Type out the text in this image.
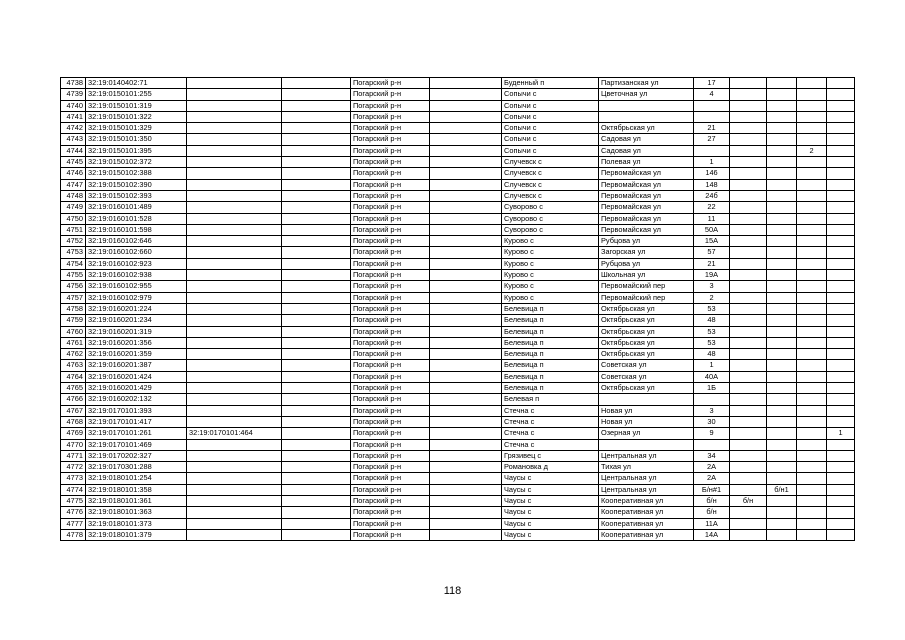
4738	32:19:0140402:71			Погарский р-н		Буденный п	Партизанская ул	17				
4739	32:19:0150101:255			Погарский р-н		Сопычи с	Цветочная ул	4				
4740	32:19:0150101:319			Погарский р-н		Сопычи с						
4741	32:19:0150101:322			Погарский р-н		Сопычи с						
4742	32:19:0150101:329			Погарский р-н		Сопычи с	Октябрьская ул	21				
4743	32:19:0150101:350			Погарский р-н		Сопычи с	Садовая ул	27				
4744	32:19:0150101:395			Погарский р-н		Сопычи с	Садовая ул				2	
4745	32:19:0150102:372			Погарский р-н		Случевск с	Полевая ул	1				
4746	32:19:0150102:388			Погарский р-н		Случевск с	Первомайская ул	146				
4747	32:19:0150102:390			Погарский р-н		Случевск с	Первомайская ул	148				
4748	32:19:0150102:393			Погарский р-н		Случевск с	Первомайская ул	24б				
4749	32:19:0160101:489			Погарский р-н		Суворово с	Первомайская ул	22				
4750	32:19:0160101:528			Погарский р-н		Суворово с	Первомайская ул	11				
4751	32:19:0160101:598			Погарский р-н		Суворово с	Первомайская ул	50А				
4752	32:19:0160102:646			Погарский р-н		Курово с	Рубцова ул	15А				
4753	32:19:0160102:660			Погарский р-н		Курово с	Загорская ул	57				
4754	32:19:0160102:923			Погарский р-н		Курово с	Рубцова ул	21				
4755	32:19:0160102:938			Погарский р-н		Курово с	Школьная ул	19А				
4756	32:19:0160102:955			Погарский р-н		Курово с	Первомайский пер	3				
4757	32:19:0160102:979			Погарский р-н		Курово с	Первомайский пер	2				
4758	32:19:0160201:224			Погарский р-н		Белевица п	Октябрьская ул	53				
4759	32:19:0160201:234			Погарский р-н		Белевица п	Октябрьская ул	48				
4760	32:19:0160201:319			Погарский р-н		Белевица п	Октябрьская ул	53				
4761	32:19:0160201:356			Погарский р-н		Белевица п	Октябрьская ул	53				
4762	32:19:0160201:359			Погарский р-н		Белевица п	Октябрьская ул	48				
4763	32:19:0160201:387			Погарский р-н		Белевица п	Советская ул	1				
4764	32:19:0160201:424			Погарский р-н		Белевица п	Советская ул	40А				
4765	32:19:0160201:429			Погарский р-н		Белевица п	Октябрьская ул	1Б				
4766	32:19:0160202:132			Погарский р-н		Белевая п						
4767	32:19:0170101:393			Погарский р-н		Стечна с	Новая ул	3				
4768	32:19:0170101:417			Погарский р-н		Стечна с	Новая ул	30				
4769	32:19:0170101:261	32:19:0170101:464		Погарский р-н		Стечна с	Озерная ул	9				1
4770	32:19:0170101:469			Погарский р-н		Стечна с						
4771	32:19:0170202:327			Погарский р-н		Грязивец с	Центральная ул	34				
4772	32:19:0170301:288			Погарский р-н		Романовка д	Тихая ул	2А				
4773	32:19:0180101:254			Погарский р-н		Чаусы с	Центральная ул	2А				
4774	32:19:0180101:358			Погарский р-н		Чаусы с	Центральная ул	Б/н#1		б/н1		
4775	32:19:0180101:361			Погарский р-н		Чаусы с	Кооперативная ул	б/н	б/н			
4776	32:19:0180101:363			Погарский р-н		Чаусы с	Кооперативная ул	б/н				
4777	32:19:0180101:373			Погарский р-н		Чаусы с	Кооперативная ул	11А				
4778	32:19:0180101:379			Погарский р-н		Чаусы с	Кооперативная ул	14А				
118
